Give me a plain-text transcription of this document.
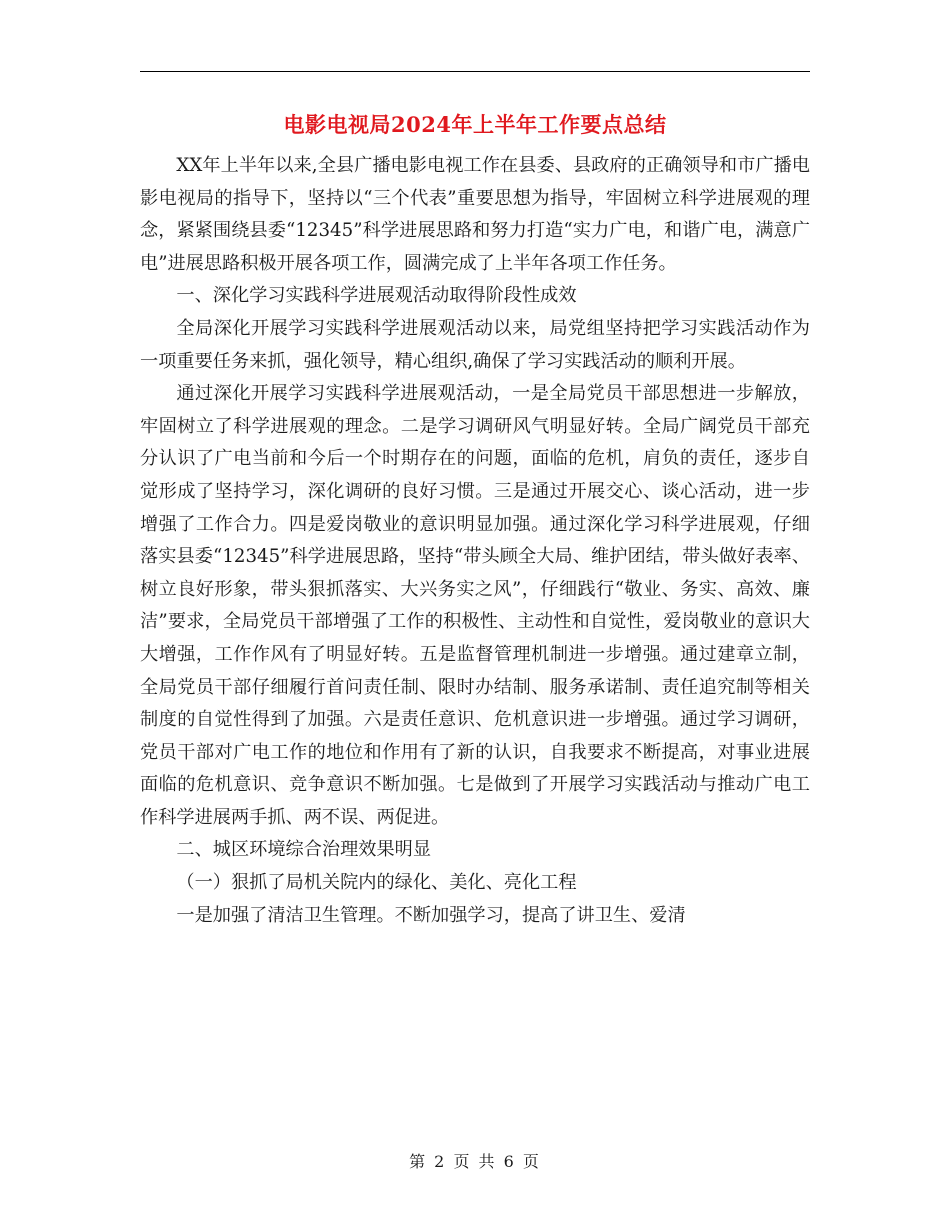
电影电视局2024年上半年工作要点总结

XX年上半年以来,全县广播电影电视工作在县委、县政府的正确领导和市广播电影电视局的指导下，坚持以“三个代表”重要思想为指导，牢固树立科学进展观的理念，紧紧围绕县委“12345”科学进展思路和努力打造“实力广电，和谐广电，满意广电”进展思路积极开展各项工作，圆满完成了上半年各项工作任务。

一、深化学习实践科学进展观活动取得阶段性成效

全局深化开展学习实践科学进展观活动以来，局党组坚持把学习实践活动作为一项重要任务来抓，强化领导，精心组织,确保了学习实践活动的顺利开展。

通过深化开展学习实践科学进展观活动，一是全局党员干部思想进一步解放，牢固树立了科学进展观的理念。二是学习调研风气明显好转。全局广阔党员干部充分认识了广电当前和今后一个时期存在的问题，面临的危机，肩负的责任，逐步自觉形成了坚持学习，深化调研的良好习惯。三是通过开展交心、谈心活动，进一步增强了工作合力。四是爱岗敬业的意识明显加强。通过深化学习科学进展观，仔细落实县委“12345”科学进展思路，坚持“带头顾全大局、维护团结，带头做好表率、树立良好形象，带头狠抓落实、大兴务实之风”，仔细践行“敬业、务实、高效、廉洁”要求，全局党员干部增强了工作的积极性、主动性和自觉性，爱岗敬业的意识大大增强，工作作风有了明显好转。五是监督管理机制进一步增强。通过建章立制，全局党员干部仔细履行首问责任制、限时办结制、服务承诺制、责任追究制等相关制度的自觉性得到了加强。六是责任意识、危机意识进一步增强。通过学习调研，党员干部对广电工作的地位和作用有了新的认识，自我要求不断提高，对事业进展面临的危机意识、竞争意识不断加强。七是做到了开展学习实践活动与推动广电工作科学进展两手抓、两不误、两促进。

二、城区环境综合治理效果明显

（一）狠抓了局机关院内的绿化、美化、亮化工程

一是加强了清洁卫生管理。不断加强学习，提高了讲卫生、爱清

第 2 页 共 6 页
